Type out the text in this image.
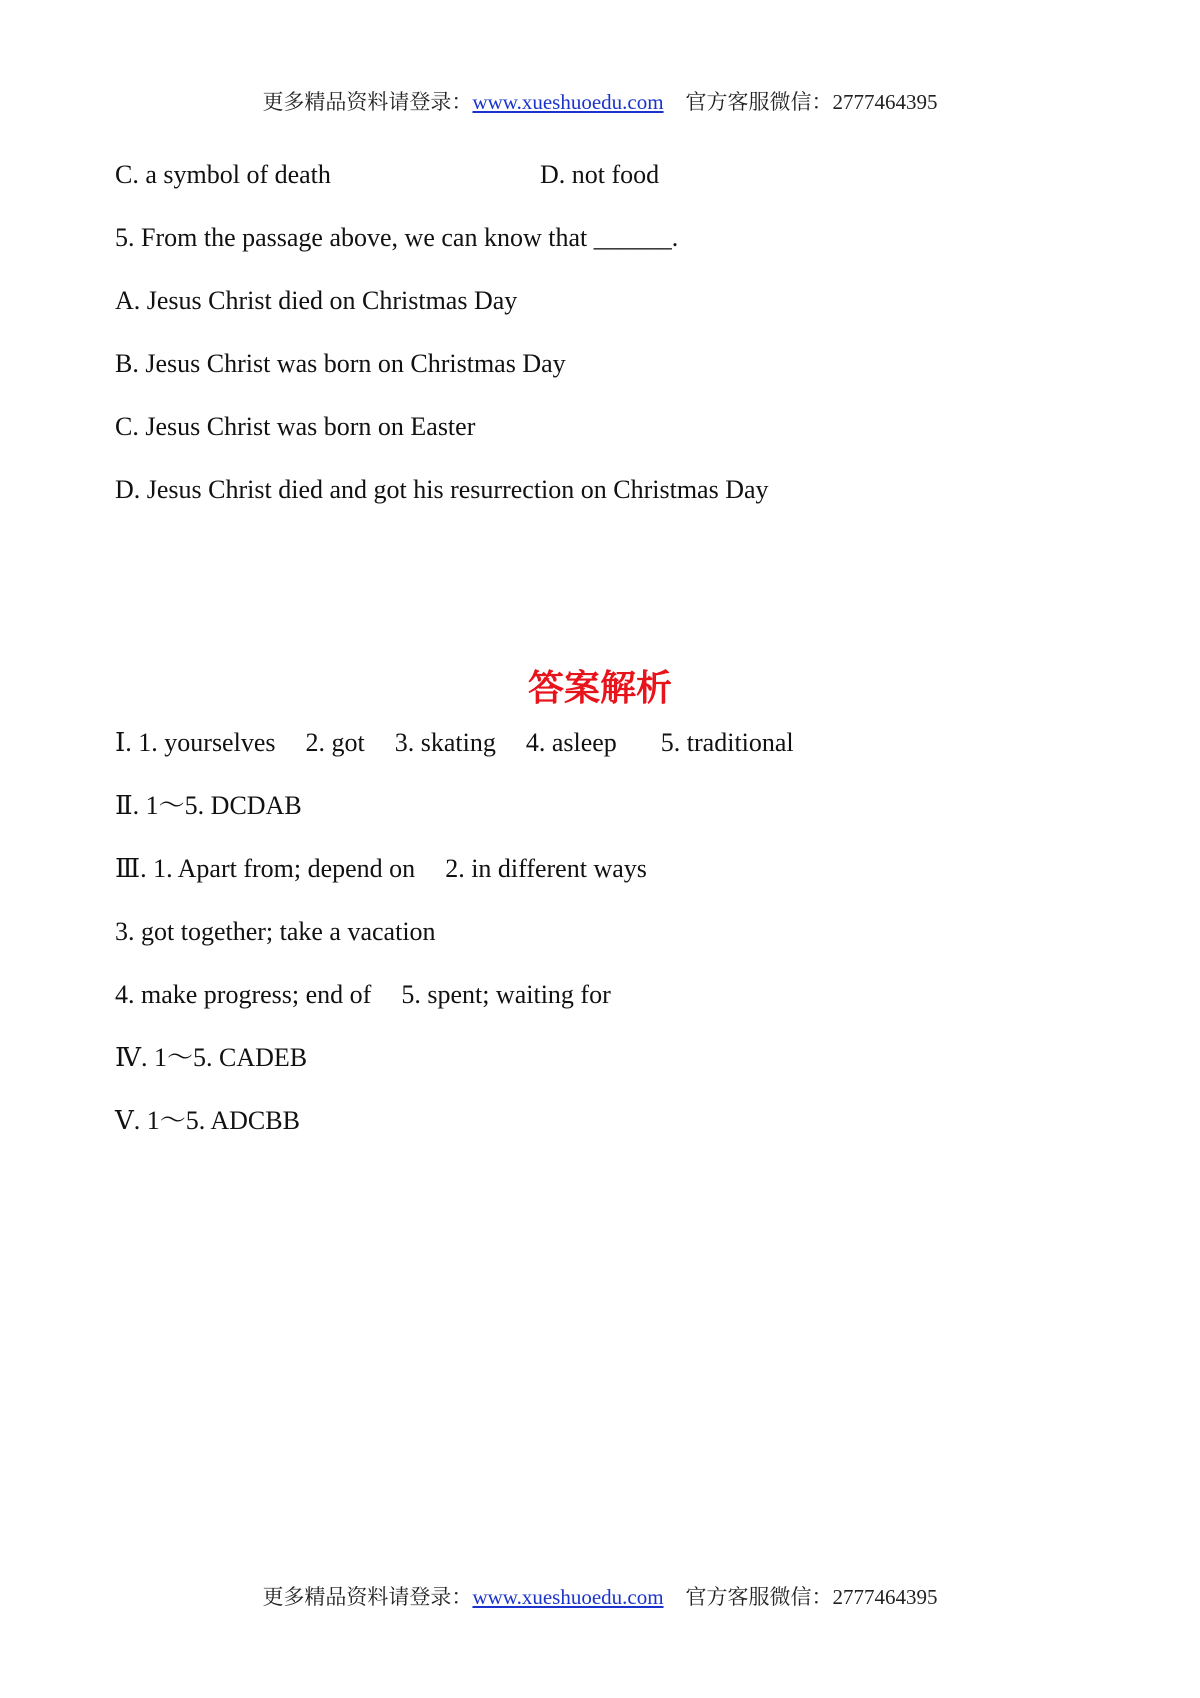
更多精品资料请登录：www.xueshuoedu.com 官方客服微信：2777464395
C. a symbol of death	D. not food
5. From the passage above, we can know that ______.
A. Jesus Christ died on Christmas Day
B. Jesus Christ was born on Christmas Day
C. Jesus Christ was born on Easter
D. Jesus Christ died and got his resurrection on Christmas Day
答案解析
Ⅰ. 1. yourselves 2. got 3. skating 4. asleep 5. traditional
Ⅱ. 1～5. DCDAB
Ⅲ. 1. Apart from; depend on 2. in different ways
3. got together; take a vacation
4. make progress; end of 5. spent; waiting for
Ⅳ. 1～5. CADEB
Ⅴ. 1～5. ADCBB
更多精品资料请登录：www.xueshuoedu.com 官方客服微信：2777464395
